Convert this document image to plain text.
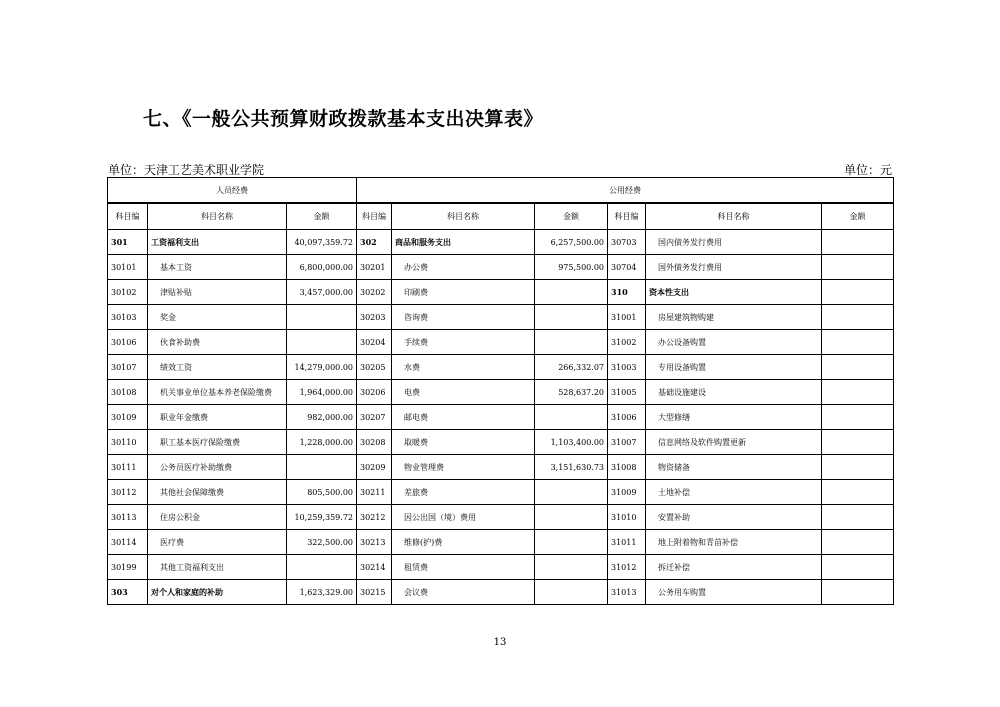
七、《一般公共预算财政拨款基本支出决算表》
单位：天津工艺美术职业学院	单位：元
人员经费			公用经费					
科目编	科目名称	金额	科目编	科目名称	金额	科目编	科目名称	金额
301	工资福利支出	40,097,359.72	302	商品和服务支出	6,257,500.00	30703	国内债务发行费用	
30101	基本工资	6,800,000.00	30201	办公费	975,500.00	30704	国外债务发行费用	
30102	津贴补贴	3,457,000.00	30202	印刷费		310	资本性支出	
30103	奖金		30203	咨询费		31001	房屋建筑物购建	
30106	伙食补助费		30204	手续费		31002	办公设备购置	
30107	绩效工资	14,279,000.00	30205	水费	266,332.07	31003	专用设备购置	
30108	机关事业单位基本养老保险缴费	1,964,000.00	30206	电费	528,637.20	31005	基础设施建设	
30109	职业年金缴费	982,000.00	30207	邮电费		31006	大型修缮	
30110	职工基本医疗保险缴费	1,228,000.00	30208	取暖费	1,103,400.00	31007	信息网络及软件购置更新	
30111	公务员医疗补助缴费		30209	物业管理费	3,151,630.73	31008	物资储备	
30112	其他社会保障缴费	805,500.00	30211	差旅费		31009	土地补偿	
30113	住房公积金	10,259,359.72	30212	因公出国（境）费用		31010	安置补助	
30114	医疗费	322,500.00	30213	维修(护)费		31011	地上附着物和青苗补偿	
30199	其他工资福利支出		30214	租赁费		31012	拆迁补偿	
303	对个人和家庭的补助	1,623,329.00	30215	会议费		31013	公务用车购置	
13
